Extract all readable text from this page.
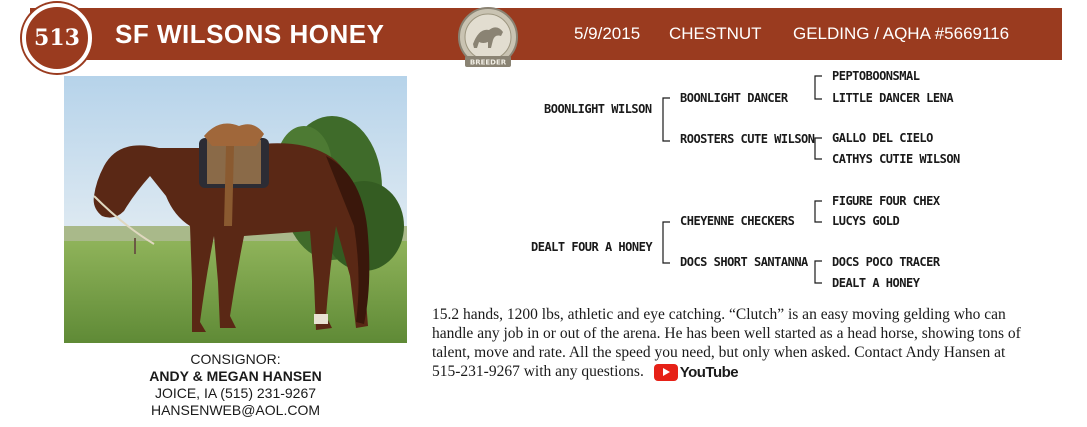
513 SF WILSONS HONEY
BREEDER
5/9/2015 CHESTNUT GELDING / AQHA #5669116
CONSIGNOR:
ANDY & MEGAN HANSEN
JOICE, IA (515) 231-9267
HANSENWEB@AOL.COM
BOONLIGHT WILSON
BOONLIGHT DANCER
PEPTOBOONSMAL
LITTLE DANCER LENA
ROOSTERS CUTE WILSON GALLO DEL CIELO
CATHYS CUTIE WILSON
DEALT FOUR A HONEY
CHEYENNE CHECKERS
FIGURE FOUR CHEX
LUCYS GOLD
DOCS SHORT SANTANNA DOCS POCO TRACER
DEALT A HONEY
15.2 hands, 1200 lbs, athletic and eye catching. “Clutch” is an easy moving gelding who can handle any job in or out of the arena. He has been well started as a head horse, showing tons of talent, move and rate. All the speed you need, but only when asked. Contact Andy Hansen at 515-231-9267 with any questions. YouTube
